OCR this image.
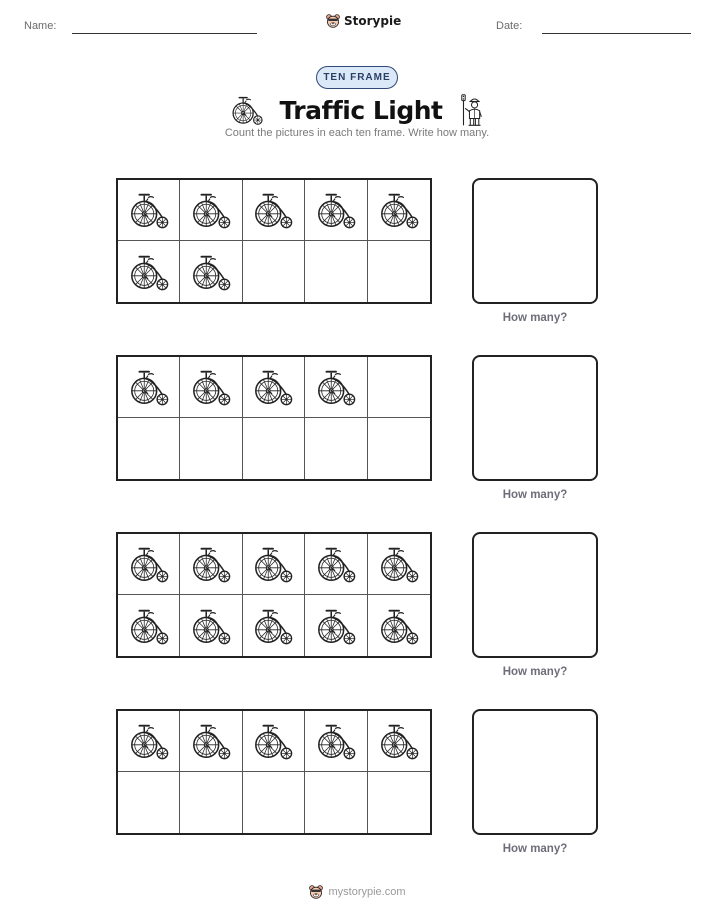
Name:	Storypie	Date:
TEN FRAME
Traffic Light
Count the pictures in each ten frame. Write how many.
How many?
How many?
How many?
How many?
mystorypie.com
